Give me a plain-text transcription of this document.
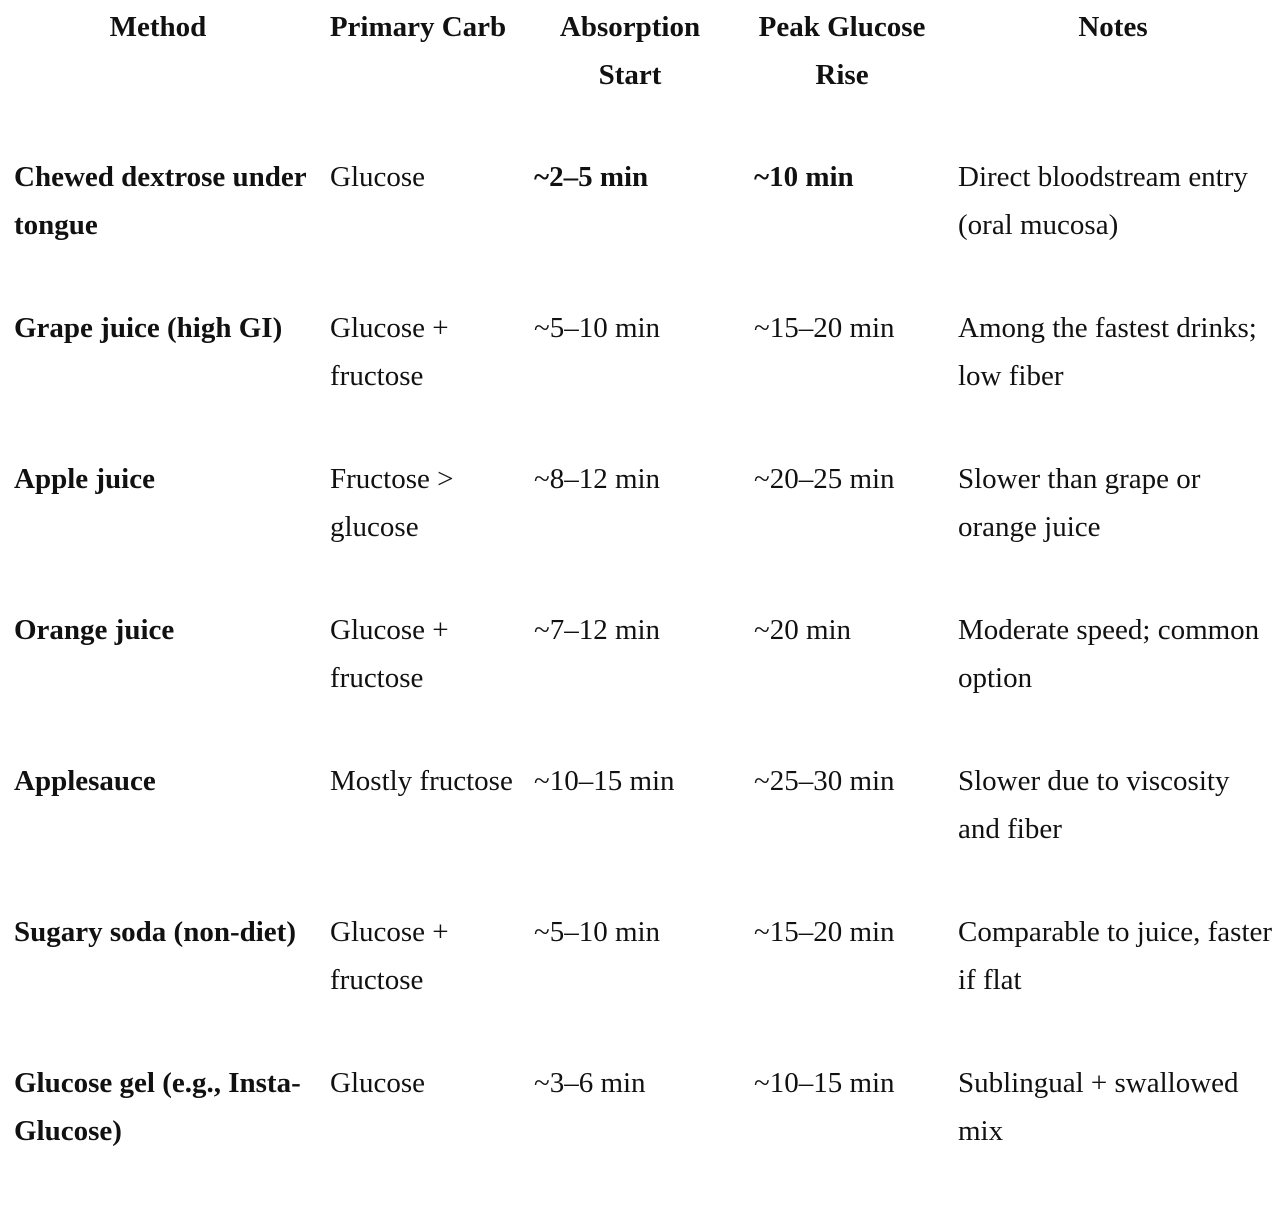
Method	Primary Carb	Absorption Start	Peak Glucose Rise	Notes
Chewed dextrose under tongue	Glucose	~2–5 min	~10 min	Direct bloodstream entry (oral mucosa)
Grape juice (high GI)	Glucose + fructose	~5–10 min	~15–20 min	Among the fastest drinks; low fiber
Apple juice	Fructose > glucose	~8–12 min	~20–25 min	Slower than grape or orange juice
Orange juice	Glucose + fructose	~7–12 min	~20 min	Moderate speed; common option
Applesauce	Mostly fructose	~10–15 min	~25–30 min	Slower due to viscosity and fiber
Sugary soda (non-diet)	Glucose + fructose	~5–10 min	~15–20 min	Comparable to juice, faster if flat
Glucose gel (e.g., Insta-Glucose)	Glucose	~3–6 min	~10–15 min	Sublingual + swallowed mix
